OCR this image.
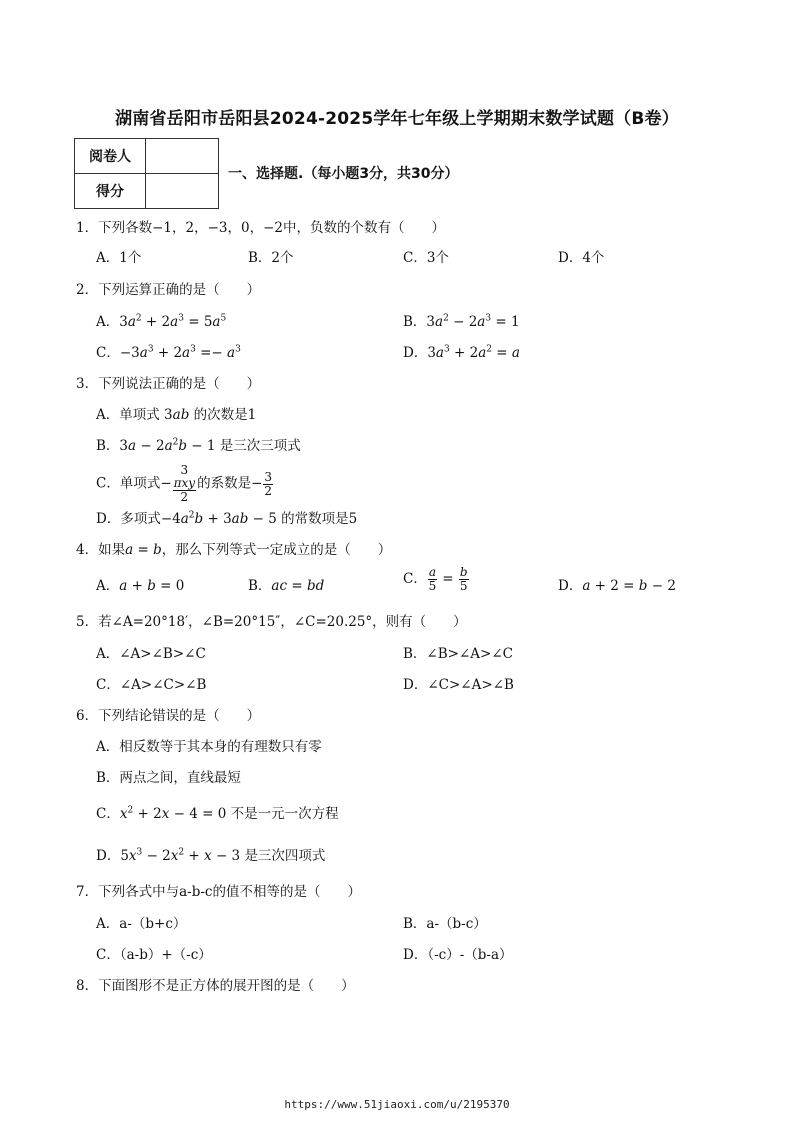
湖南省岳阳市岳阳县2024-2025学年七年级上学期期末数学试题（B卷）
阅卷人	
得分	
一、选择题.（每小题3分，共30分）
1．下列各数−1，2，−3，0，−2中，负数的个数有（　　）
A．1个	B．2个	C．3个	D．4个
2．下列运算正确的是（　　）
A．$3a^2 + 2a^3 = 5a^5$	B．$3a^2 - 2a^3 = 1$
C．$-3a^3 + 2a^3 =- a^3$	D．$3a^3 + 2a^2 = a$
3．下列说法正确的是（　　）
A．单项式 3ab 的次数是1
B．$3a - 2a^2b - 1$ 是三次三项式
C．单项式− 3
πxy
2 的系数是− $\frac{3}{2}$
D．多项式$-4a^2b + 3ab - 5$ 的常数项是5
4．如果a = b，那么下列等式一定成立的是（　　）
A．a + b = 0	B．ac = bd	C． $\frac{a}{5} = \frac{b}{5}$	D．a + 2 = b − 2
5．若∠A=20°18′，∠B=20°15″，∠C=20.25°，则有（　　）
A．∠A>∠B>∠C	B．∠B>∠A>∠C
C．∠A>∠C>∠B	D．∠C>∠A>∠B
6．下列结论错误的是（　　）
A．相反数等于其本身的有理数只有零
B．两点之间，直线最短
C．$x^2 + 2x - 4 = 0$ 不是一元一次方程
D．$5x^3 - 2x^2 + x - 3$ 是三次四项式
7．下列各式中与a-b-c的值不相等的是（　　）
A．a-（b+c）	B．a-（b-c）
C．（a-b）+（-c）	D．（-c）-（b-a）
8．下面图形不是正方体的展开图的是（　　）
https://www.51jiaoxi.com/u/2195370
